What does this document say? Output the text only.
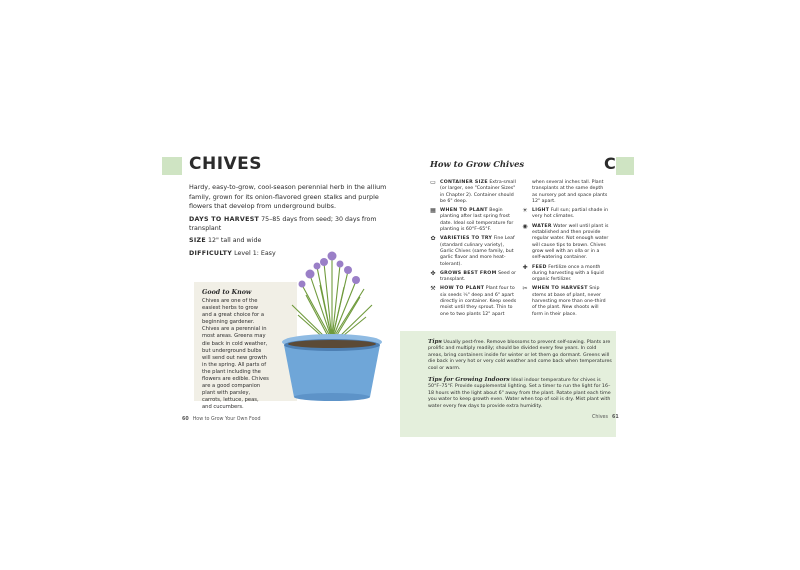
CHIVES
Hardy, easy-to-grow, cool-season perennial herb in the allium family, grown for its onion-flavored green stalks and purple flowers that develop from underground bulbs.
DAYS TO HARVEST 75–85 days from seed; 30 days from transplant
SIZE 12" tall and wide
DIFFICULTY Level 1: Easy
Good to Know
Chives are one of the easiest herbs to grow and a great choice for a beginning gardener. Chives are a perennial in most areas. Greens may die back in cold weather, but underground bulbs will send out new growth in the spring. All parts of the plant including the flowers are edible. Chives are a good companion plant with parsley, carrots, lettuce, peas, and cucumbers.
60 How to Grow Your Own Food
How to Grow Chives	C
▭ CONTAINER SIZE Extra-small (or larger, see "Container Sizes" in Chapter 2). Container should be 6" deep.
▦ WHEN TO PLANT Begin planting after last spring frost date. Ideal soil temperature for planting is 60°F–65°F.
✿ VARIETIES TO TRY Fine Leaf (standard culinary variety), Garlic Chives (same family, but garlic flavor and more heat-tolerant).
✤ GROWS BEST FROM Seed or transplant.
⚒ HOW TO PLANT Plant four to six seeds ¼" deep and 6" apart directly in container. Keep seeds moist until they sprout. Thin to one to two plants 12" apart
when several inches tall. Plant transplants at the same depth as nursery pot and space plants 12" apart.
☀ LIGHT Full sun; partial shade in very hot climates.
◉ WATER Water well until plant is established and then provide regular water. Not enough water will cause tips to brown. Chives grow well with an olla or in a self-watering container.
✚ FEED Fertilize once a month during harvesting with a liquid organic fertilizer.
✂ WHEN TO HARVEST Snip stems at base of plant, never harvesting more than one-third of the plant. New shoots will form in their place.

Tips Usually pest-free. Remove blossoms to prevent self-sowing. Plants are prolific and multiply readily; should be divided every few years. In cold areas, bring containers inside for winter or let them go dormant. Greens will die back in very hot or very cold weather and come back when temperatures cool or warm.

Tips for Growing Indoors Ideal indoor temperature for chives is 50°F–75°F. Provide supplemental lighting. Set a timer to run the light for 16–18 hours with the light about 6" away from the plant. Rotate plant each time you water to keep growth even. Water when top of soil is dry. Mist plant with water every few days to provide extra humidity.

Chives 61
